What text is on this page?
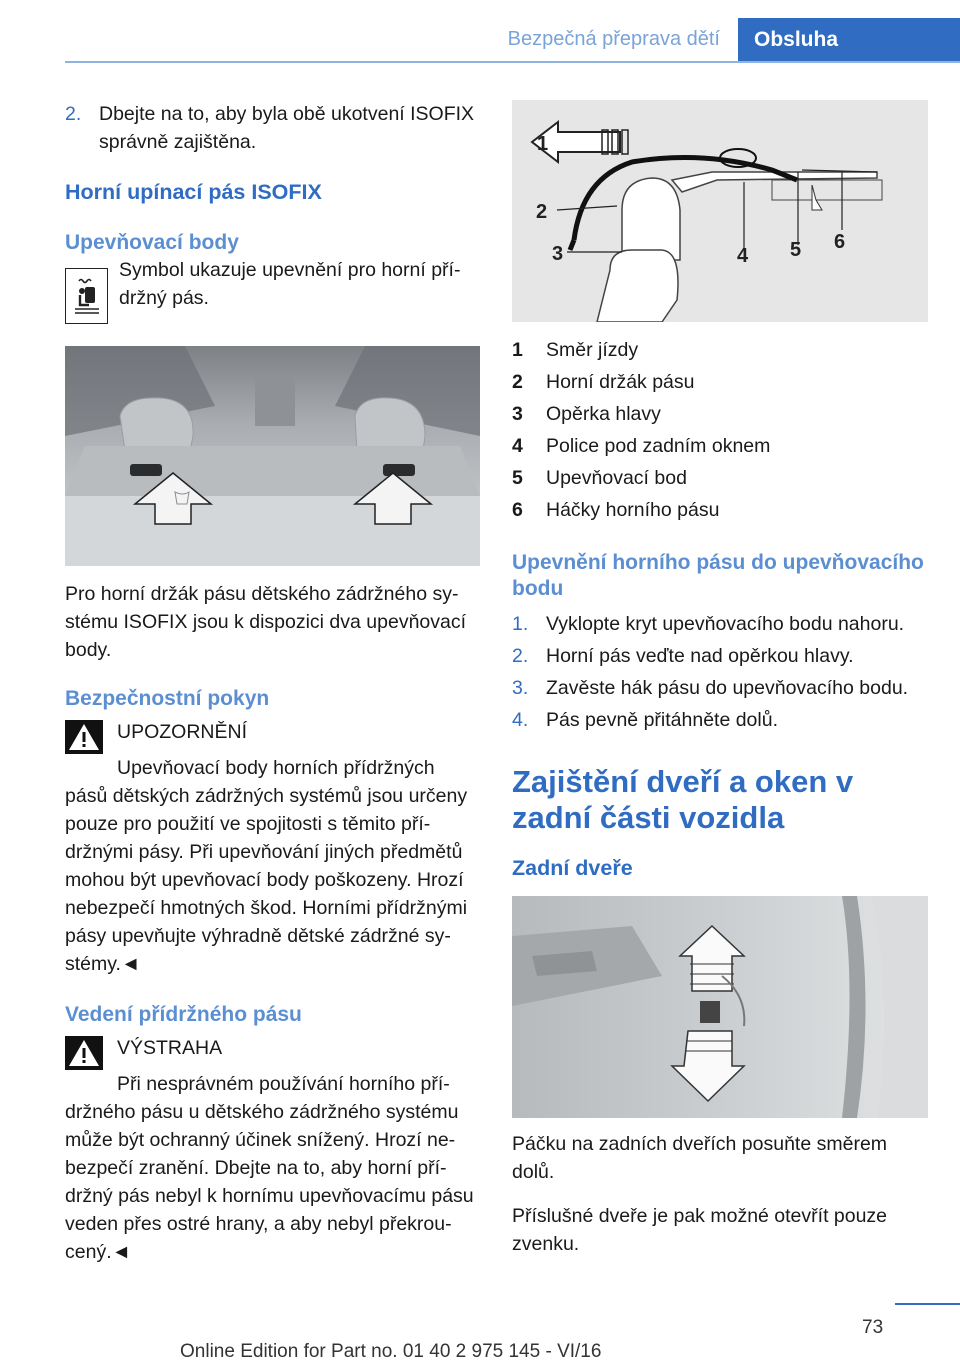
Bezpečná přeprava dětí	Obsluha
2. Dbejte na to, aby byla obě ukotvení ISOFIX správně zajištěna.
Horní upínací pás ISOFIX
Upevňovací body
Symbol ukazuje upevnění pro horní pří‐držný pás.
Pro horní držák pásu dětského zádržného sy‐stému ISOFIX jsou k dispozici dva upevňovací body.
Bezpečnostní pokyn
UPOZORNĚNÍ
Upevňovací body horních přídržných pásů dětských zádržných systémů jsou určeny pouze pro použití ve spojitosti s těmito pří‐držnými pásy. Při upevňování jiných předmětů mohou být upevňovací body poškozeny. Hrozí nebezpečí hmotných škod. Horními přídržnými pásy upevňujte výhradně dětské zádržné sy‐stémy.◄
Vedení přídržného pásu
VÝSTRAHA
Při nesprávném používání horního pří‐držného pásu u dětského zádržného systému může být ochranný účinek snížený. Hrozí ne‐bezpečí zranění. Dbejte na to, aby horní pří‐držný pás nebyl k hornímu upevňovacímu pásu veden přes ostré hrany, a aby nebyl překrou‐cený.◄
1
2
3	4 5 6
1	Směr jízdy
2	Horní držák pásu
3	Opěrka hlavy
4	Police pod zadním oknem
5	Upevňovací bod
6	Háčky horního pásu
Upevnění horního pásu do upevňovacího bodu
1. Vyklopte kryt upevňovacího bodu nahoru.
2. Horní pás veďte nad opěrkou hlavy.
3. Zavěste hák pásu do upevňovacího bodu.
4. Pás pevně přitáhněte dolů.
Zajištění dveří a oken v zadní části vozidla
Zadní dveře
Páčku na zadních dveřích posuňte směrem dolů.
Příslušné dveře je pak možné otevřít pouze zvenku.
73
Online Edition for Part no. 01 40 2 975 145 - VI/16
